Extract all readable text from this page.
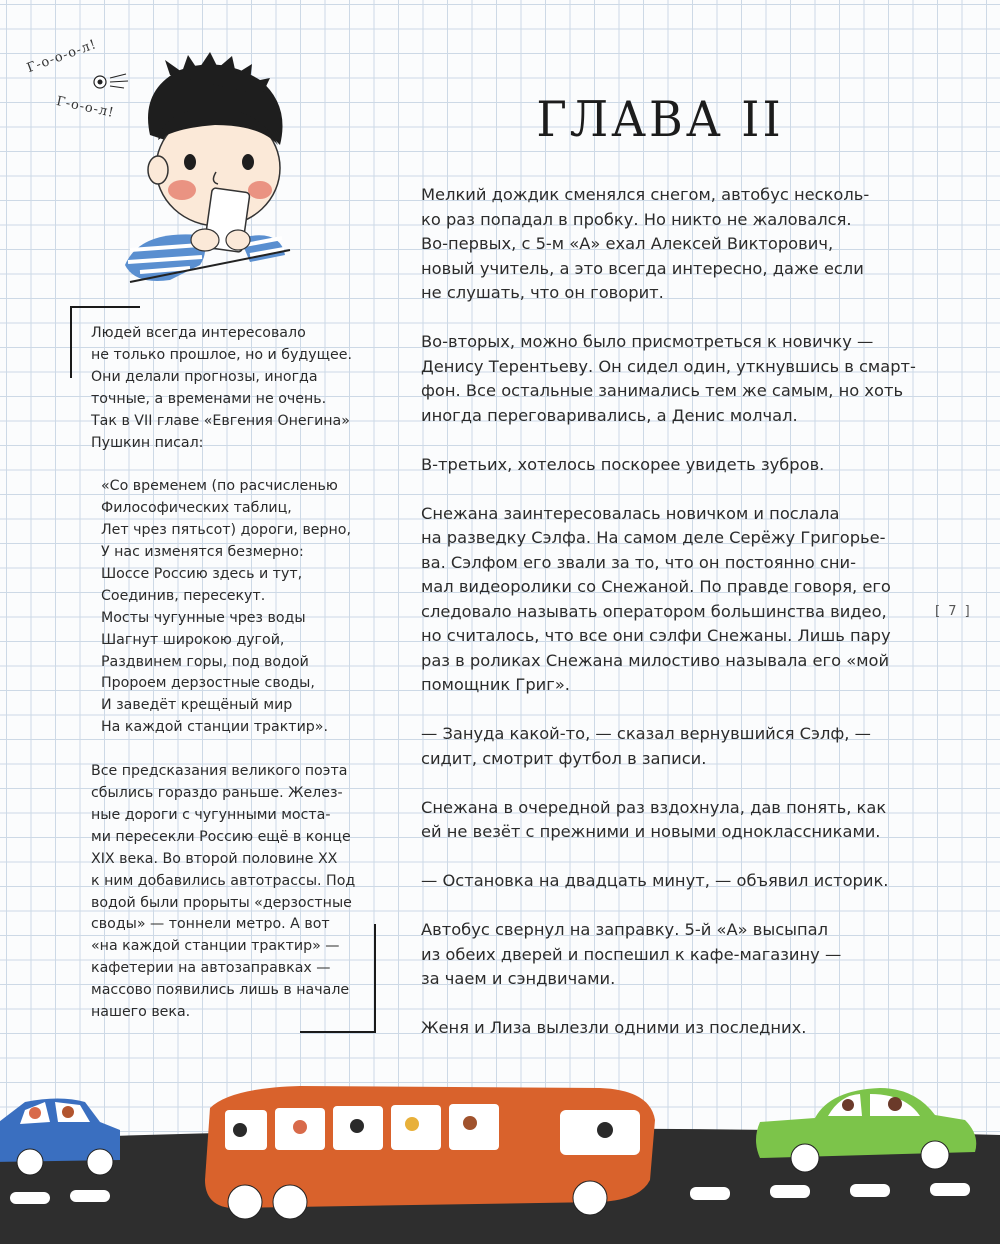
Г-о-о-о-л!
Г-о-о-л!	ГЛАВА II

Людей всегда интересовало
не только прошлое, но и будущее.
Они делали прогнозы, иногда
точные, а временами не очень.
Так в VII главе «Евгения Онегина»
Пушкин писал:

«Со временем (по расчисленью
Философических таблиц,
Лет чрез пятьсот) дороги, верно,
У нас изменятся безмерно:
Шоссе Россию здесь и тут,
Соединив, пересекут.
Мосты чугунные чрез воды
Шагнут широкою дугой,
Раздвинем горы, под водой
Пророем дерзостные своды,
И заведёт крещёный мир
На каждой станции трактир».

Все предсказания великого поэта
сбылись гораздо раньше. Желез-
ные дороги с чугунными моста-
ми пересекли Россию ещё в конце
XIX века. Во второй половине XX
к ним добавились автотрассы. Под
водой были прорыты «дерзостные
своды» — тоннели метро. А вот
«на каждой станции трактир» —
кафетерии на автозаправках —
массово появились лишь в начале
нашего века.

Мелкий дождик сменялся снегом, автобус несколь-
ко раз попадал в пробку. Но никто не жаловался.
Во-первых, с 5-м «А» ехал Алексей Викторович,
новый учитель, а это всегда интересно, даже если
не слушать, что он говорит.

Во-вторых, можно было присмотреться к новичку —
Денису Терентьеву. Он сидел один, уткнувшись в смарт-
фон. Все остальные занимались тем же самым, но хоть
иногда переговаривались, а Денис молчал.

В-третьих, хотелось поскорее увидеть зубров.

Снежана заинтересовалась новичком и послала
на разведку Сэлфа. На самом деле Серёжу Григорье-
ва. Сэлфом его звали за то, что он постоянно сни-
мал видеоролики со Снежаной. По правде говоря, его
следовало называть оператором большинства видео,
но считалось, что все они сэлфи Снежаны. Лишь пару
раз в роликах Снежана милостиво называла его «мой
помощник Григ».

— Зануда какой-то, — сказал вернувшийся Сэлф, —
сидит, смотрит футбол в записи.

Снежана в очередной раз вздохнула, дав понять, как
ей не везёт с прежними и новыми одноклассниками.

— Остановка на двадцать минут, — объявил историк.

Автобус свернул на заправку. 5-й «А» высыпал
из обеих дверей и поспешил к кафе-магазину —
за чаем и сэндвичами.

Женя и Лиза вылезли одними из последних.

[ 7 ]
